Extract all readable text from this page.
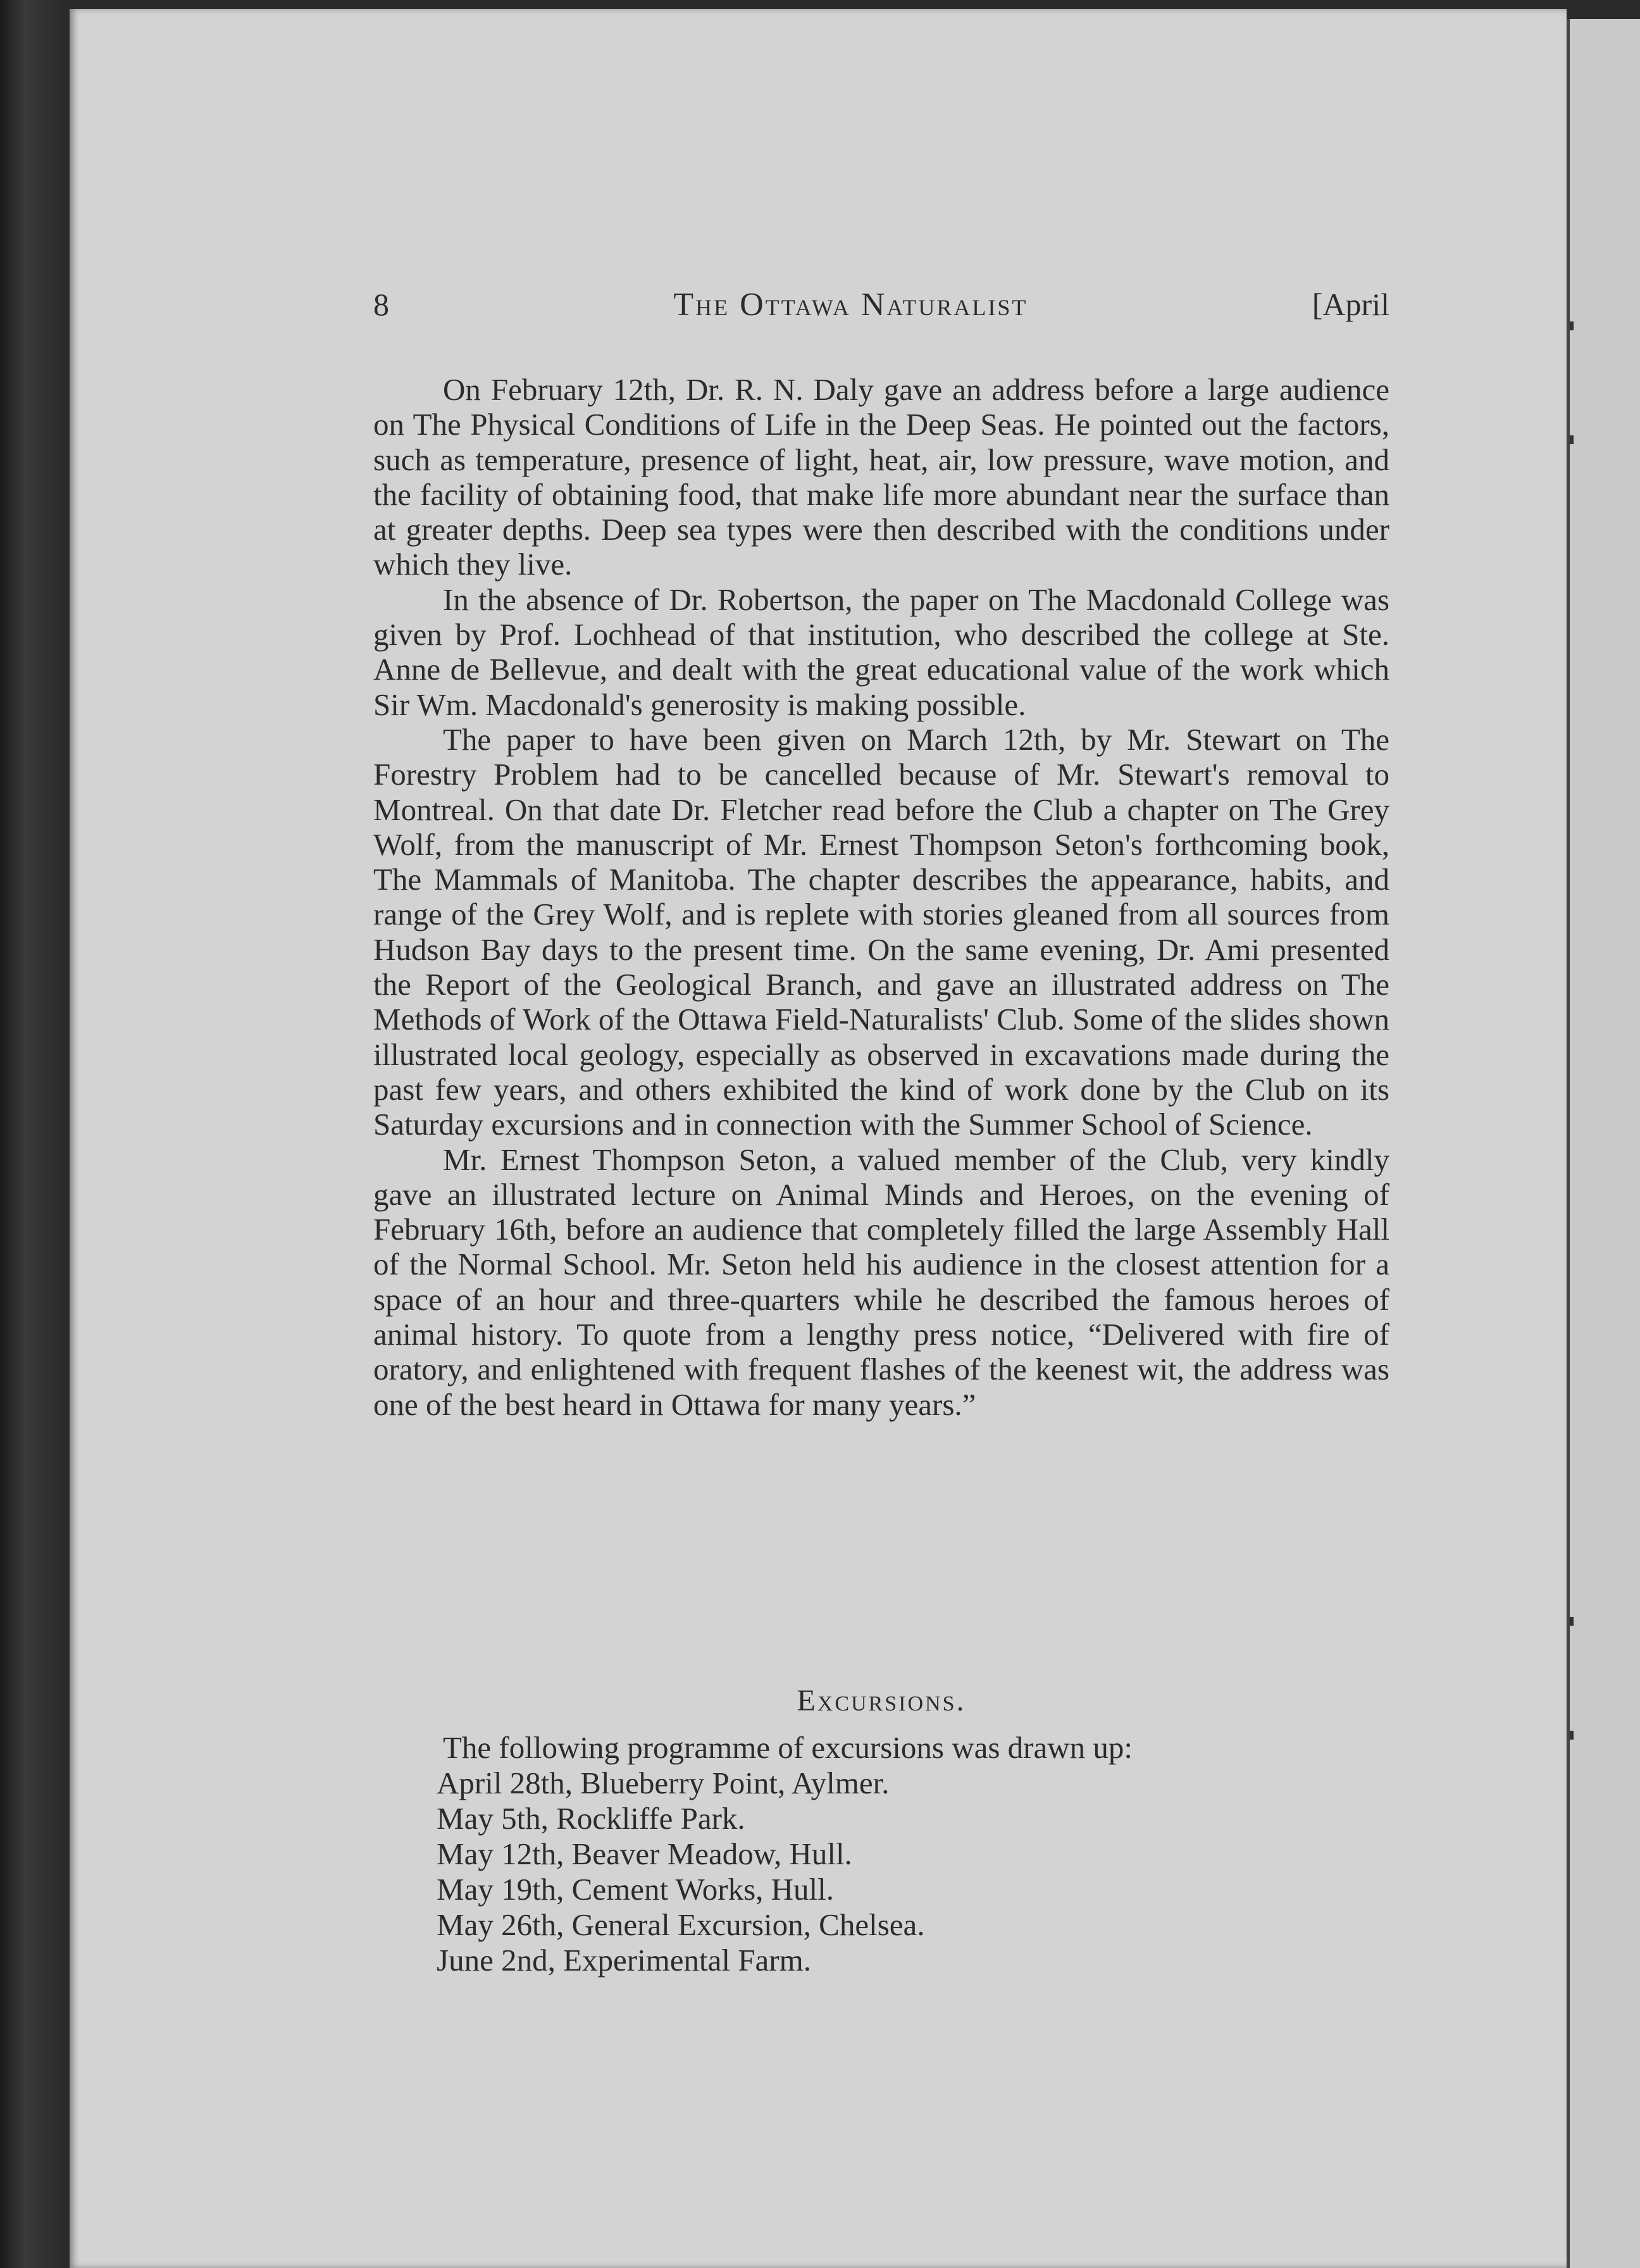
8	The Ottawa Naturalist	[April

On February 12th, Dr. R. N. Daly gave an address before a large audience on The Physical Conditions of Life in the Deep Seas. He pointed out the factors, such as temperature, presence of light, heat, air, low pressure, wave motion, and the facility of obtaining food, that make life more abundant near the surface than at greater depths. Deep sea types were then described with the conditions under which they live.

In the absence of Dr. Robertson, the paper on The Macdonald College was given by Prof. Lochhead of that institution, who described the college at Ste. Anne de Bellevue, and dealt with the great educational value of the work which Sir Wm. Macdonald's generosity is making possible.

The paper to have been given on March 12th, by Mr. Stewart on The Forestry Problem had to be cancelled because of Mr. Stewart's removal to Montreal. On that date Dr. Fletcher read before the Club a chapter on The Grey Wolf, from the manuscript of Mr. Ernest Thompson Seton's forthcoming book, The Mammals of Manitoba. The chapter describes the appearance, habits, and range of the Grey Wolf, and is replete with stories gleaned from all sources from Hudson Bay days to the present time. On the same evening, Dr. Ami presented the Report of the Geological Branch, and gave an illustrated address on The Methods of Work of the Ottawa Field-Naturalists' Club. Some of the slides shown illustrated local geology, especially as observed in excavations made during the past few years, and others exhibited the kind of work done by the Club on its Saturday excursions and in connection with the Summer School of Science.

Mr. Ernest Thompson Seton, a valued member of the Club, very kindly gave an illustrated lecture on Animal Minds and Heroes, on the evening of February 16th, before an audience that completely filled the large Assembly Hall of the Normal School. Mr. Seton held his audience in the closest attention for a space of an hour and three-quarters while he described the famous heroes of animal history. To quote from a lengthy press notice, “Delivered with fire of oratory, and enlightened with frequent flashes of the keenest wit, the address was one of the best heard in Ottawa for many years.”

Excursions.

The following programme of excursions was drawn up:

April 28th, Blueberry Point, Aylmer.
May 5th, Rockliffe Park.
May 12th, Beaver Meadow, Hull.
May 19th, Cement Works, Hull.
May 26th, General Excursion, Chelsea.
June 2nd, Experimental Farm.
